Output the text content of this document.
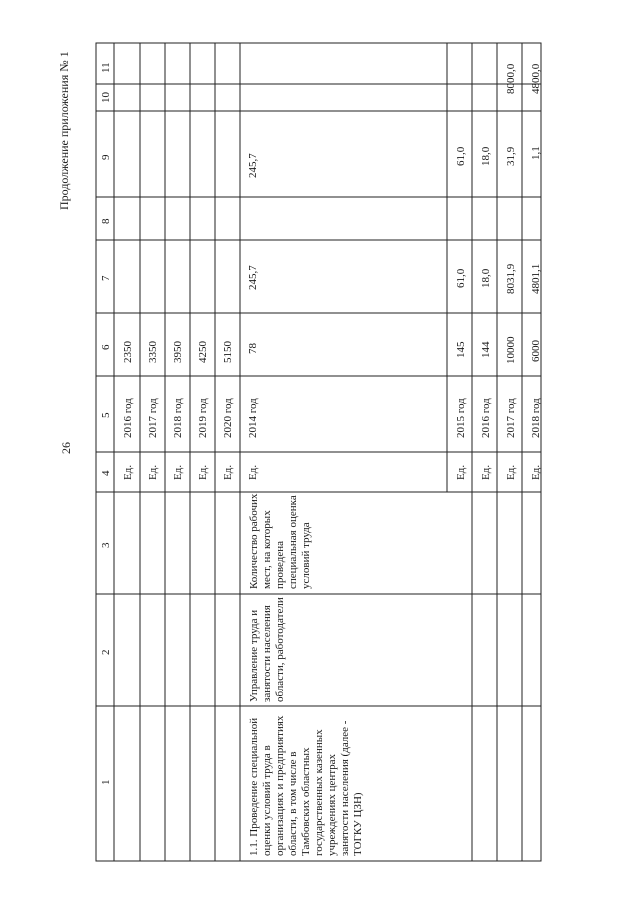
26
Продолжение приложения № 1
1
2
3
4
5
6
7
8
9
10
11
Ед.
2016 год
2350
Ед.
2017 год
3350
Ед.
2018 год
3950
Ед.
2019 год
4250
Ед.
2020 год
5150
1.1. Проведение специальной оценки условий труда в организациях и предприятиях области, в том числе в Тамбовских областных государственных казенных учреждениях центрах занятости населения (далее - ТОГКУ ЦЗН)
Управление труда и занятости населения области, работодатели
Количество рабочих мест, на которых проведена специальная оценка условий труда
Ед.
2014 год
78
245,7
245,7
Ед.
2015 год
145
61,0
61,0
Ед.
2016 год
144
18,0
18,0
Ед.
2017 год
10000
8031,9
31,9
8000,0
Ед.
2018 год
6000
4801,1
1,1
4800,0
